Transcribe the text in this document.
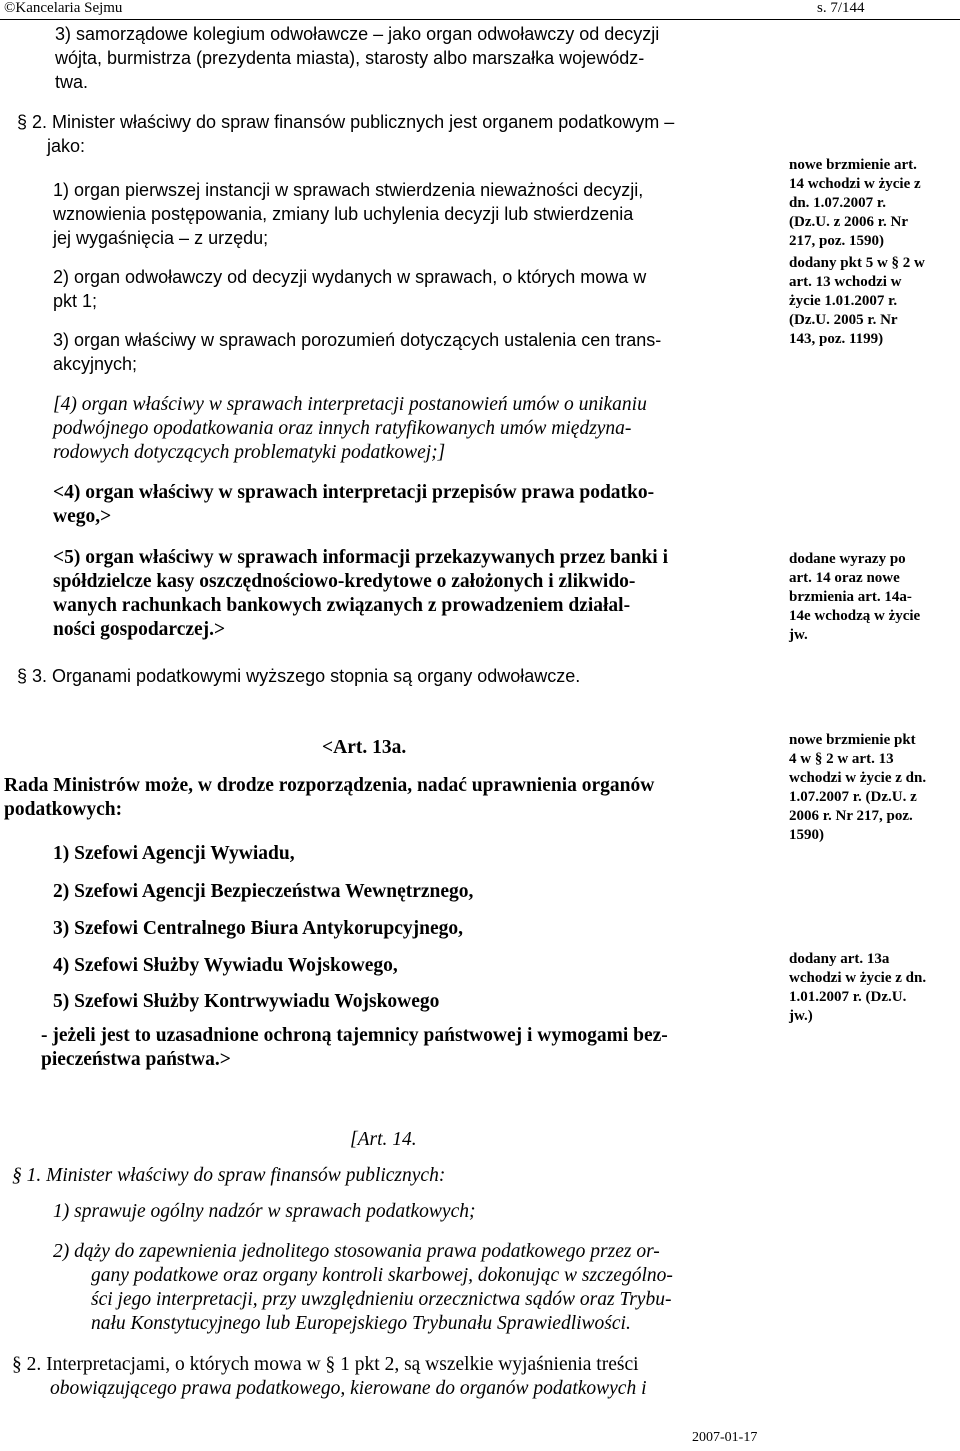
©Kancelaria Sejmu	s. 7/144
3) samorządowe kolegium odwoławcze – jako organ odwoławczy od decyzji
wójta, burmistrza (prezydenta miasta), starosty albo marszałka wojewódz-
twa.
§ 2. Minister właściwy do spraw finansów publicznych jest organem podatkowym –
jako:
1) organ pierwszej instancji w sprawach stwierdzenia nieważności decyzji,
wznowienia postępowania, zmiany lub uchylenia decyzji lub stwierdzenia
jej wygaśnięcia – z urzędu;
2) organ odwoławczy od decyzji wydanych w sprawach, o których mowa w
pkt 1;
3) organ właściwy w sprawach porozumień dotyczących ustalenia cen trans-
akcyjnych;
[4) organ właściwy w sprawach interpretacji postanowień umów o unikaniu
podwójnego opodatkowania oraz innych ratyfikowanych umów międzyna-
rodowych dotyczących problematyki podatkowej;]
<4) organ właściwy w sprawach interpretacji przepisów prawa podatko-
wego,>
<5) organ właściwy w sprawach informacji przekazywanych przez banki i
spółdzielcze kasy oszczędnościowo-kredytowe o założonych i zlikwido-
wanych rachunkach bankowych związanych z prowadzeniem działal-
ności gospodarczej.>
§ 3. Organami podatkowymi wyższego stopnia są organy odwoławcze.
<Art. 13a.
Rada Ministrów może, w drodze rozporządzenia, nadać uprawnienia organów
podatkowych:
1) Szefowi Agencji Wywiadu,
2) Szefowi Agencji Bezpieczeństwa Wewnętrznego,
3) Szefowi Centralnego Biura Antykorupcyjnego,
4) Szefowi Służby Wywiadu Wojskowego,
5) Szefowi Służby Kontrwywiadu Wojskowego
- jeżeli jest to uzasadnione ochroną tajemnicy państwowej i wymogami bez-
pieczeństwa państwa.>
[Art. 14.
§ 1. Minister właściwy do spraw finansów publicznych:
1) sprawuje ogólny nadzór w sprawach podatkowych;
2) dąży do zapewnienia jednolitego stosowania prawa podatkowego przez or-
gany podatkowe oraz organy kontroli skarbowej, dokonując w szczególno-
ści jego interpretacji, przy uwzględnieniu orzecznictwa sądów oraz Trybu-
nału Konstytucyjnego lub Europejskiego Trybunału Sprawiedliwości.
§ 2. Interpretacjami, o których mowa w § 1 pkt 2, są wszelkie wyjaśnienia treści
obowiązującego prawa podatkowego, kierowane do organów podatkowych i
nowe brzmienie art.
14 wchodzi w życie z
dn. 1.07.2007 r.
(Dz.U. z 2006 r. Nr
217, poz. 1590)
dodany pkt 5 w § 2 w
art. 13 wchodzi w
życie 1.01.2007 r.
(Dz.U. 2005 r. Nr
143, poz. 1199)
dodane wyrazy po
art. 14 oraz nowe
brzmienia art. 14a-
14e wchodzą w życie
jw.
nowe brzmienie pkt
4 w § 2 w art. 13
wchodzi w życie z dn.
1.07.2007 r. (Dz.U. z
2006 r. Nr 217, poz.
1590)
dodany art. 13a
wchodzi w życie z dn.
1.01.2007 r. (Dz.U.
jw.)
2007-01-17
